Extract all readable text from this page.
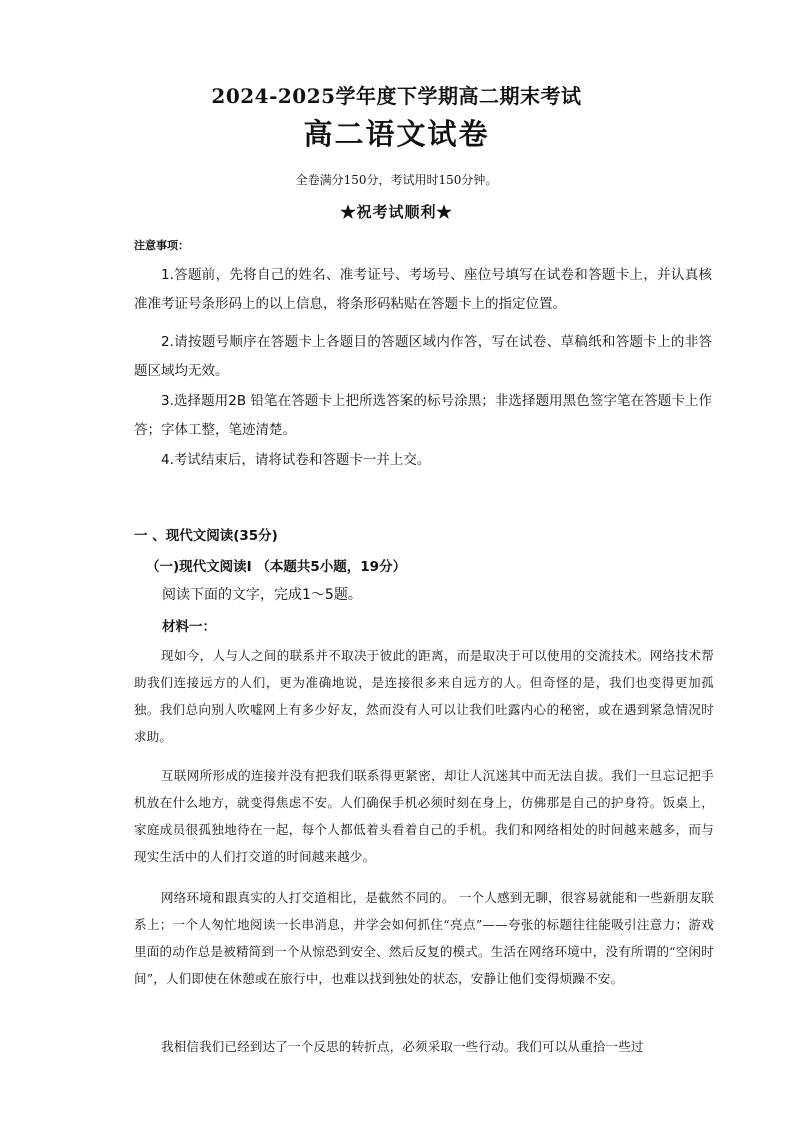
2024-2025学年度下学期高二期末考试
高二语文试卷
全卷满分150分，考试用时150分钟。
★祝考试顺利★
注意事项：
1.答题前，先将自己的姓名、准考证号、考场号、座位号填写在试卷和答题卡上，并认真核准准考证号条形码上的以上信息，将条形码粘贴在答题卡上的指定位置。
2.请按题号顺序在答题卡上各题目的答题区域内作答，写在试卷、草稿纸和答题卡上的非答题区域均无效。
3.选择题用2B 铅笔在答题卡上把所选答案的标号涂黑；非选择题用黑色签字笔在答题卡上作答；字体工整，笔迹清楚。
4.考试结束后，请将试卷和答题卡一并上交。
一 、现代文阅读(35分)
（一)现代文阅读I （本题共5小题，19分）
阅读下面的文字，完成1～5题。
材料一：
现如今，人与人之间的联系并不取决于彼此的距离，而是取决于可以使用的交流技术。网络技术帮助我们连接远方的人们，更为准确地说，是连接很多来自远方的人。但奇怪的是，我们也变得更加孤独。我们总向别人吹嘘网上有多少好友，然而没有人可以让我们吐露内心的秘密，或在遇到紧急情况时求助。
互联网所形成的连接并没有把我们联系得更紧密，却让人沉迷其中而无法自拔。我们一旦忘记把手机放在什么地方，就变得焦虑不安。人们确保手机必须时刻在身上，仿佛那是自己的护身符。饭桌上，家庭成员很孤独地待在一起，每个人都低着头看着自己的手机。我们和网络相处的时间越来越多，而与现实生活中的人们打交道的时间越来越少。
网络环境和跟真实的人打交道相比，是截然不同的。 一个人感到无聊，很容易就能和一些新朋友联系上；一个人匆忙地阅读一长串消息，并学会如何抓住“亮点”——夸张的标题往往能吸引注意力；游戏里面的动作总是被精简到一个从惊恐到安全、然后反复的模式。生活在网络环境中，没有所谓的“空闲时间”，人们即使在休憩或在旅行中，也难以找到独处的状态，安静让他们变得烦躁不安。
我相信我们已经到达了一个反思的转折点，必须采取一些行动。我们可以从重拾一些过
